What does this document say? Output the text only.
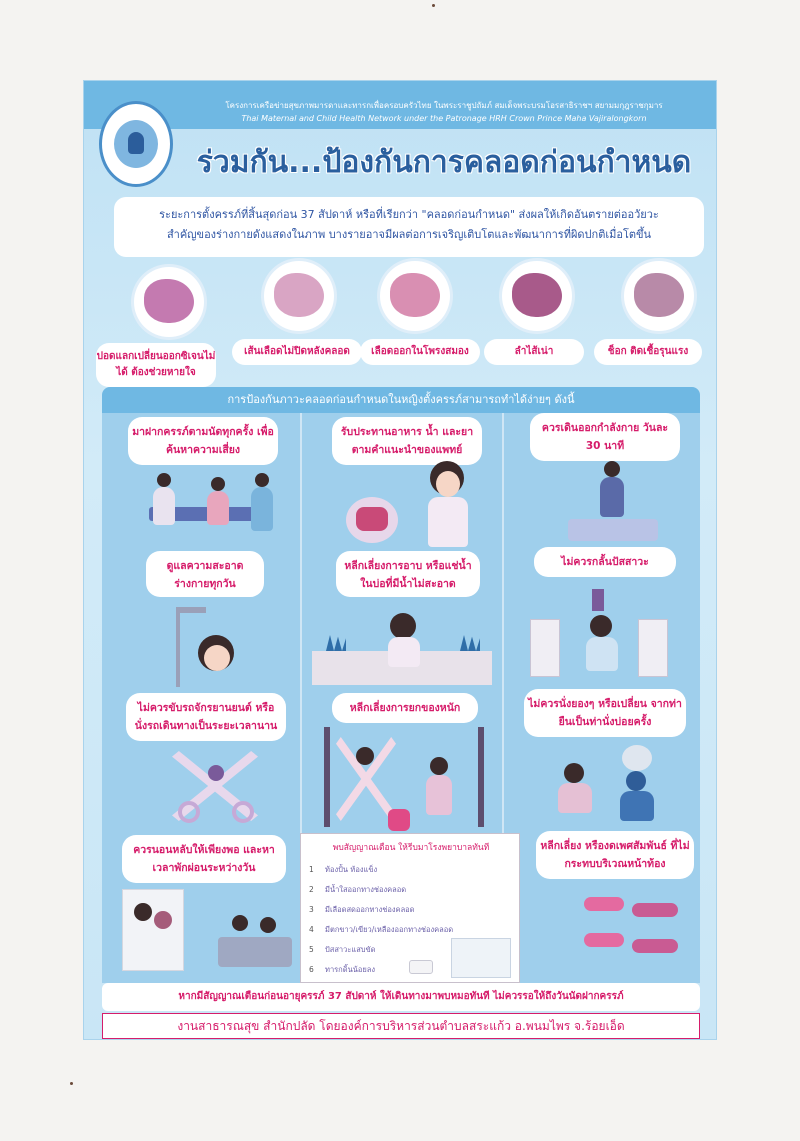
โครงการเครือข่ายสุขภาพมารดาและทารกเพื่อครอบครัวไทย ในพระราชูปถัมภ์ สมเด็จพระบรมโอรสาธิราชฯ สยามมกุฎราชกุมาร
Thai Maternal and Child Health Network under the Patronage HRH Crown Prince Maha Vajiralongkorn
ร่วมกัน...ป้องกันการคลอดก่อนกำหนด
ระยะการตั้งครรภ์ที่สิ้นสุดก่อน 37 สัปดาห์ หรือที่เรียกว่า "คลอดก่อนกำหนด" ส่งผลให้เกิดอันตรายต่ออวัยวะ
สำคัญของร่างกายดังแสดงในภาพ บางรายอาจมีผลต่อการเจริญเติบโตและพัฒนาการที่ผิดปกติเมื่อโตขึ้น
ปอดแลกเปลี่ยนออกซิเจนไม่ได้ ต้องช่วยหายใจ
เส้นเลือดไม่ปิดหลังคลอด	เลือดออกในโพรงสมอง	ลำไส้เน่า	ช็อก ติดเชื้อรุนแรง
การป้องกันภาวะคลอดก่อนกำหนดในหญิงตั้งครรภ์สามารถทำได้ง่ายๆ ดังนี้
มาฝากครรภ์ตามนัดทุกครั้ง เพื่อค้นหาความเสี่ยง
รับประทานอาหาร น้ำ และยาตามคำแนะนำของแพทย์
ควรเดินออกกำลังกาย วันละ 30 นาที
ดูแลความสะอาด ร่างกายทุกวัน
หลีกเลี่ยงการอาบ หรือแช่น้ำ ในบ่อที่มีน้ำไม่สะอาด
ไม่ควรกลั้นปัสสาวะ
ไม่ควรขับรถจักรยานยนต์ หรือ นั่งรถเดินทางเป็นระยะเวลานาน
หลีกเลี่ยงการยกของหนัก	ไม่ควรนั่งยองๆ หรือเปลี่ยน จากท่ายืนเป็นท่านั่งบ่อยครั้ง
ควรนอนหลับให้เพียงพอ และหาเวลาพักผ่อนระหว่างวัน
หลีกเลี่ยง หรืองดเพศสัมพันธ์ ที่ไม่กระทบบริเวณหน้าท้อง
พบสัญญาณเตือน ให้รีบมาโรงพยาบาลทันที
1 ท้องปั้น ท้องแข็ง
2 มีน้ำใสออกทางช่องคลอด
3 มีเลือดสดออกทางช่องคลอด
4 มีตกขาว/เขียว/เหลืองออกทางช่องคลอด
5 ปัสสาวะแสบขัด
6 ทารกดิ้นน้อยลง
หากมีสัญญาณเตือนก่อนอายุครรภ์ 37 สัปดาห์ ให้เดินทางมาพบหมอทันที ไม่ควรรอให้ถึงวันนัดฝากครรภ์
งานสาธารณสุข สำนักปลัด โดยองค์การบริหารส่วนตำบลสระแก้ว อ.พนมไพร จ.ร้อยเอ็ด
